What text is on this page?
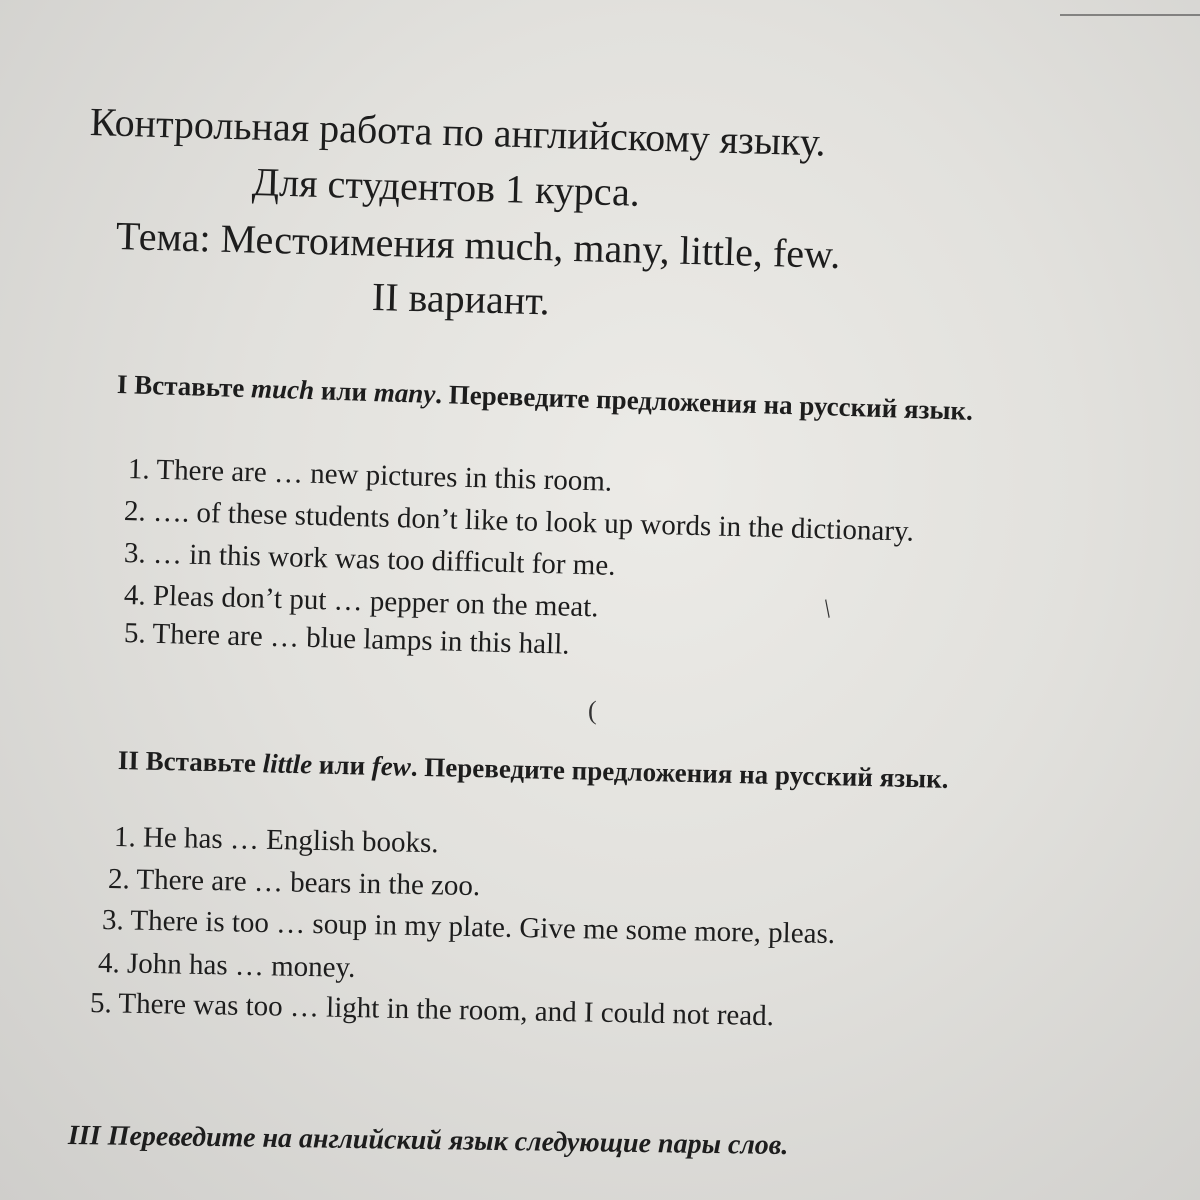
Контрольная работа по английскому языку.
Для студентов 1 курса.
Тема: Местоимения much, many, little, few.
II вариант.
I Вставьте much или many. Переведите предложения на русский язык.
1. There are … new pictures in this room.
2. …. of these students don’t like to look up words in the dictionary.
3. … in this work was too difficult for me.
4. Pleas don’t put … pepper on the meat.
5. There are … blue lamps in this hall.
(
/
II Вставьте little или few. Переведите предложения на русский язык.
1. He has … English books.
2. There are … bears in the zoo.
3. There is too … soup in my plate. Give me some more, pleas.
4. John has … money.
5. There was too … light in the room, and I could not read.
III Переведите на английский язык следующие пары слов.
